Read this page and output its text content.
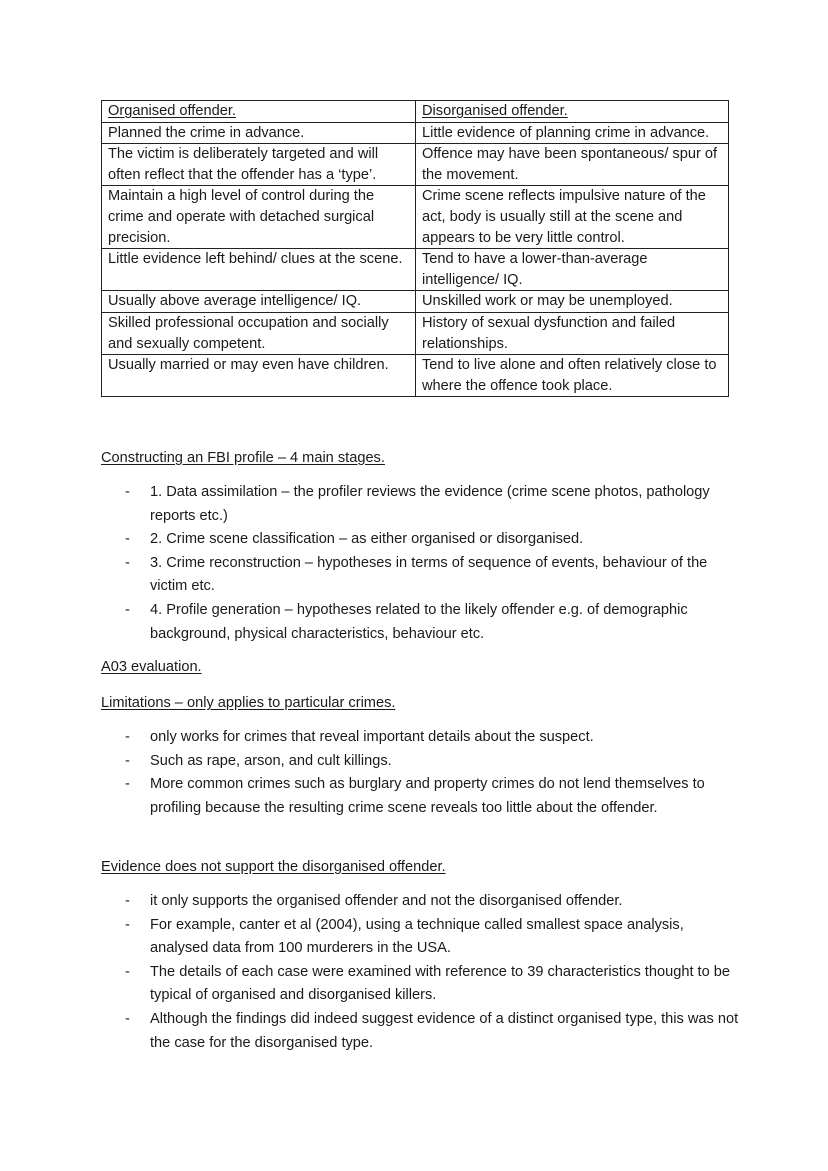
Organised offender.	Disorganised offender.
Planned the crime in advance.	Little evidence of planning crime in advance.
The victim is deliberately targeted and will often reflect that the offender has a ‘type’.	Offence may have been spontaneous/ spur of the movement.
Maintain a high level of control during the crime and operate with detached surgical precision.	Crime scene reflects impulsive nature of the act, body is usually still at the scene and appears to be very little control.
Little evidence left behind/ clues at the scene.	Tend to have a lower-than-average intelligence/ IQ.
Usually above average intelligence/ IQ.	Unskilled work or may be unemployed.
Skilled professional occupation and socially and sexually competent.	History of sexual dysfunction and failed relationships.
Usually married or may even have children.	Tend to live alone and often relatively close to where the offence took place.
Constructing an FBI profile – 4 main stages.
- 1. Data assimilation – the profiler reviews the evidence (crime scene photos, pathology reports etc.)
- 2. Crime scene classification – as either organised or disorganised.
- 3. Crime reconstruction – hypotheses in terms of sequence of events, behaviour of the victim etc.
- 4. Profile generation – hypotheses related to the likely offender e.g. of demographic background, physical characteristics, behaviour etc.
A03 evaluation.
Limitations – only applies to particular crimes.
- only works for crimes that reveal important details about the suspect.
- Such as rape, arson, and cult killings.
- More common crimes such as burglary and property crimes do not lend themselves to profiling because the resulting crime scene reveals too little about the offender.
Evidence does not support the disorganised offender.
- it only supports the organised offender and not the disorganised offender.
- For example, canter et al (2004), using a technique called smallest space analysis, analysed data from 100 murderers in the USA.
- The details of each case were examined with reference to 39 characteristics thought to be typical of organised and disorganised killers.
- Although the findings did indeed suggest evidence of a distinct organised type, this was not the case for the disorganised type.
